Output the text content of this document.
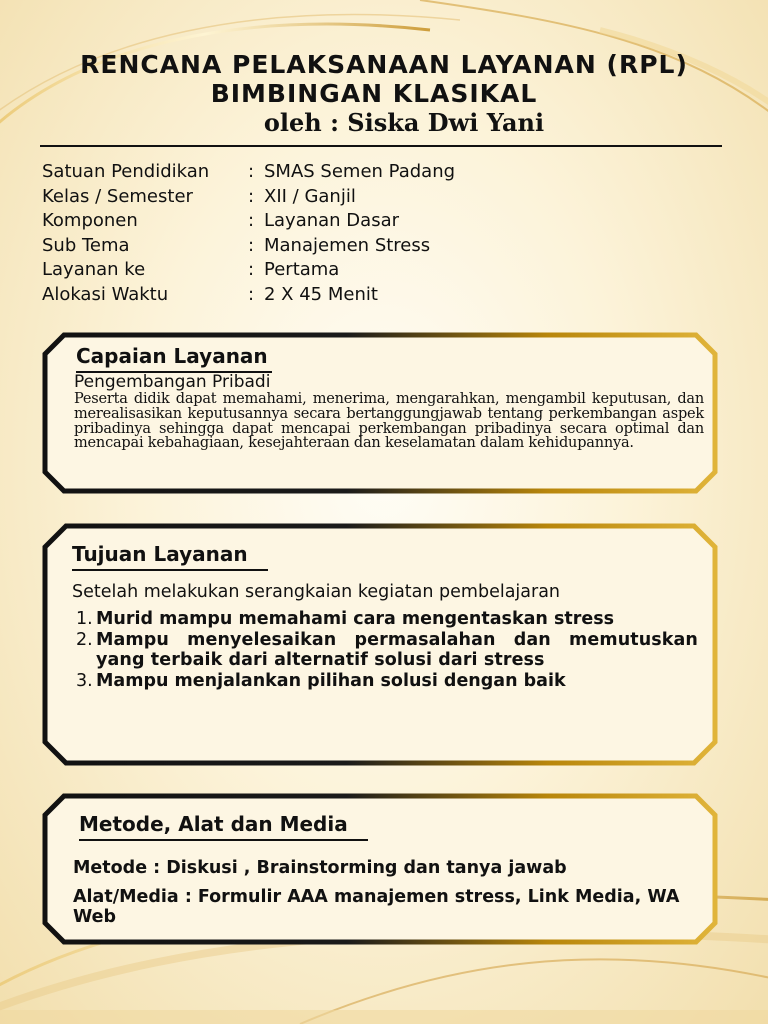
RENCANA PELAKSANAAN LAYANAN (RPL)
BIMBINGAN KLASIKAL
oleh : Siska Dwi Yani
Satuan Pendidikan	: SMAS Semen Padang
Kelas / Semester	: XII / Ganjil
Komponen	: Layanan Dasar
Sub Tema	: Manajemen Stress
Layanan ke	: Pertama
Alokasi Waktu	: 2 X 45 Menit
Capaian Layanan
Pengembangan Pribadi
Peserta didik dapat memahami, menerima, mengarahkan, mengambil keputusan, dan merealisasikan keputusannya secara bertanggungjawab tentang perkembangan aspek pribadinya sehingga dapat mencapai perkembangan pribadinya secara optimal dan mencapai kebahagiaan, kesejahteraan dan keselamatan dalam kehidupannya.
Tujuan Layanan
Setelah melakukan serangkaian kegiatan pembelajaran
1. Murid mampu memahami cara mengentaskan stress
2. Mampu menyelesaikan permasalahan dan memutuskan yang terbaik dari alternatif solusi dari stress
3. Mampu menjalankan pilihan solusi dengan baik
Metode, Alat dan Media
Metode : Diskusi , Brainstorming dan tanya jawab
Alat/Media : Formulir AAA manajemen stress, Link Media, WA Web
